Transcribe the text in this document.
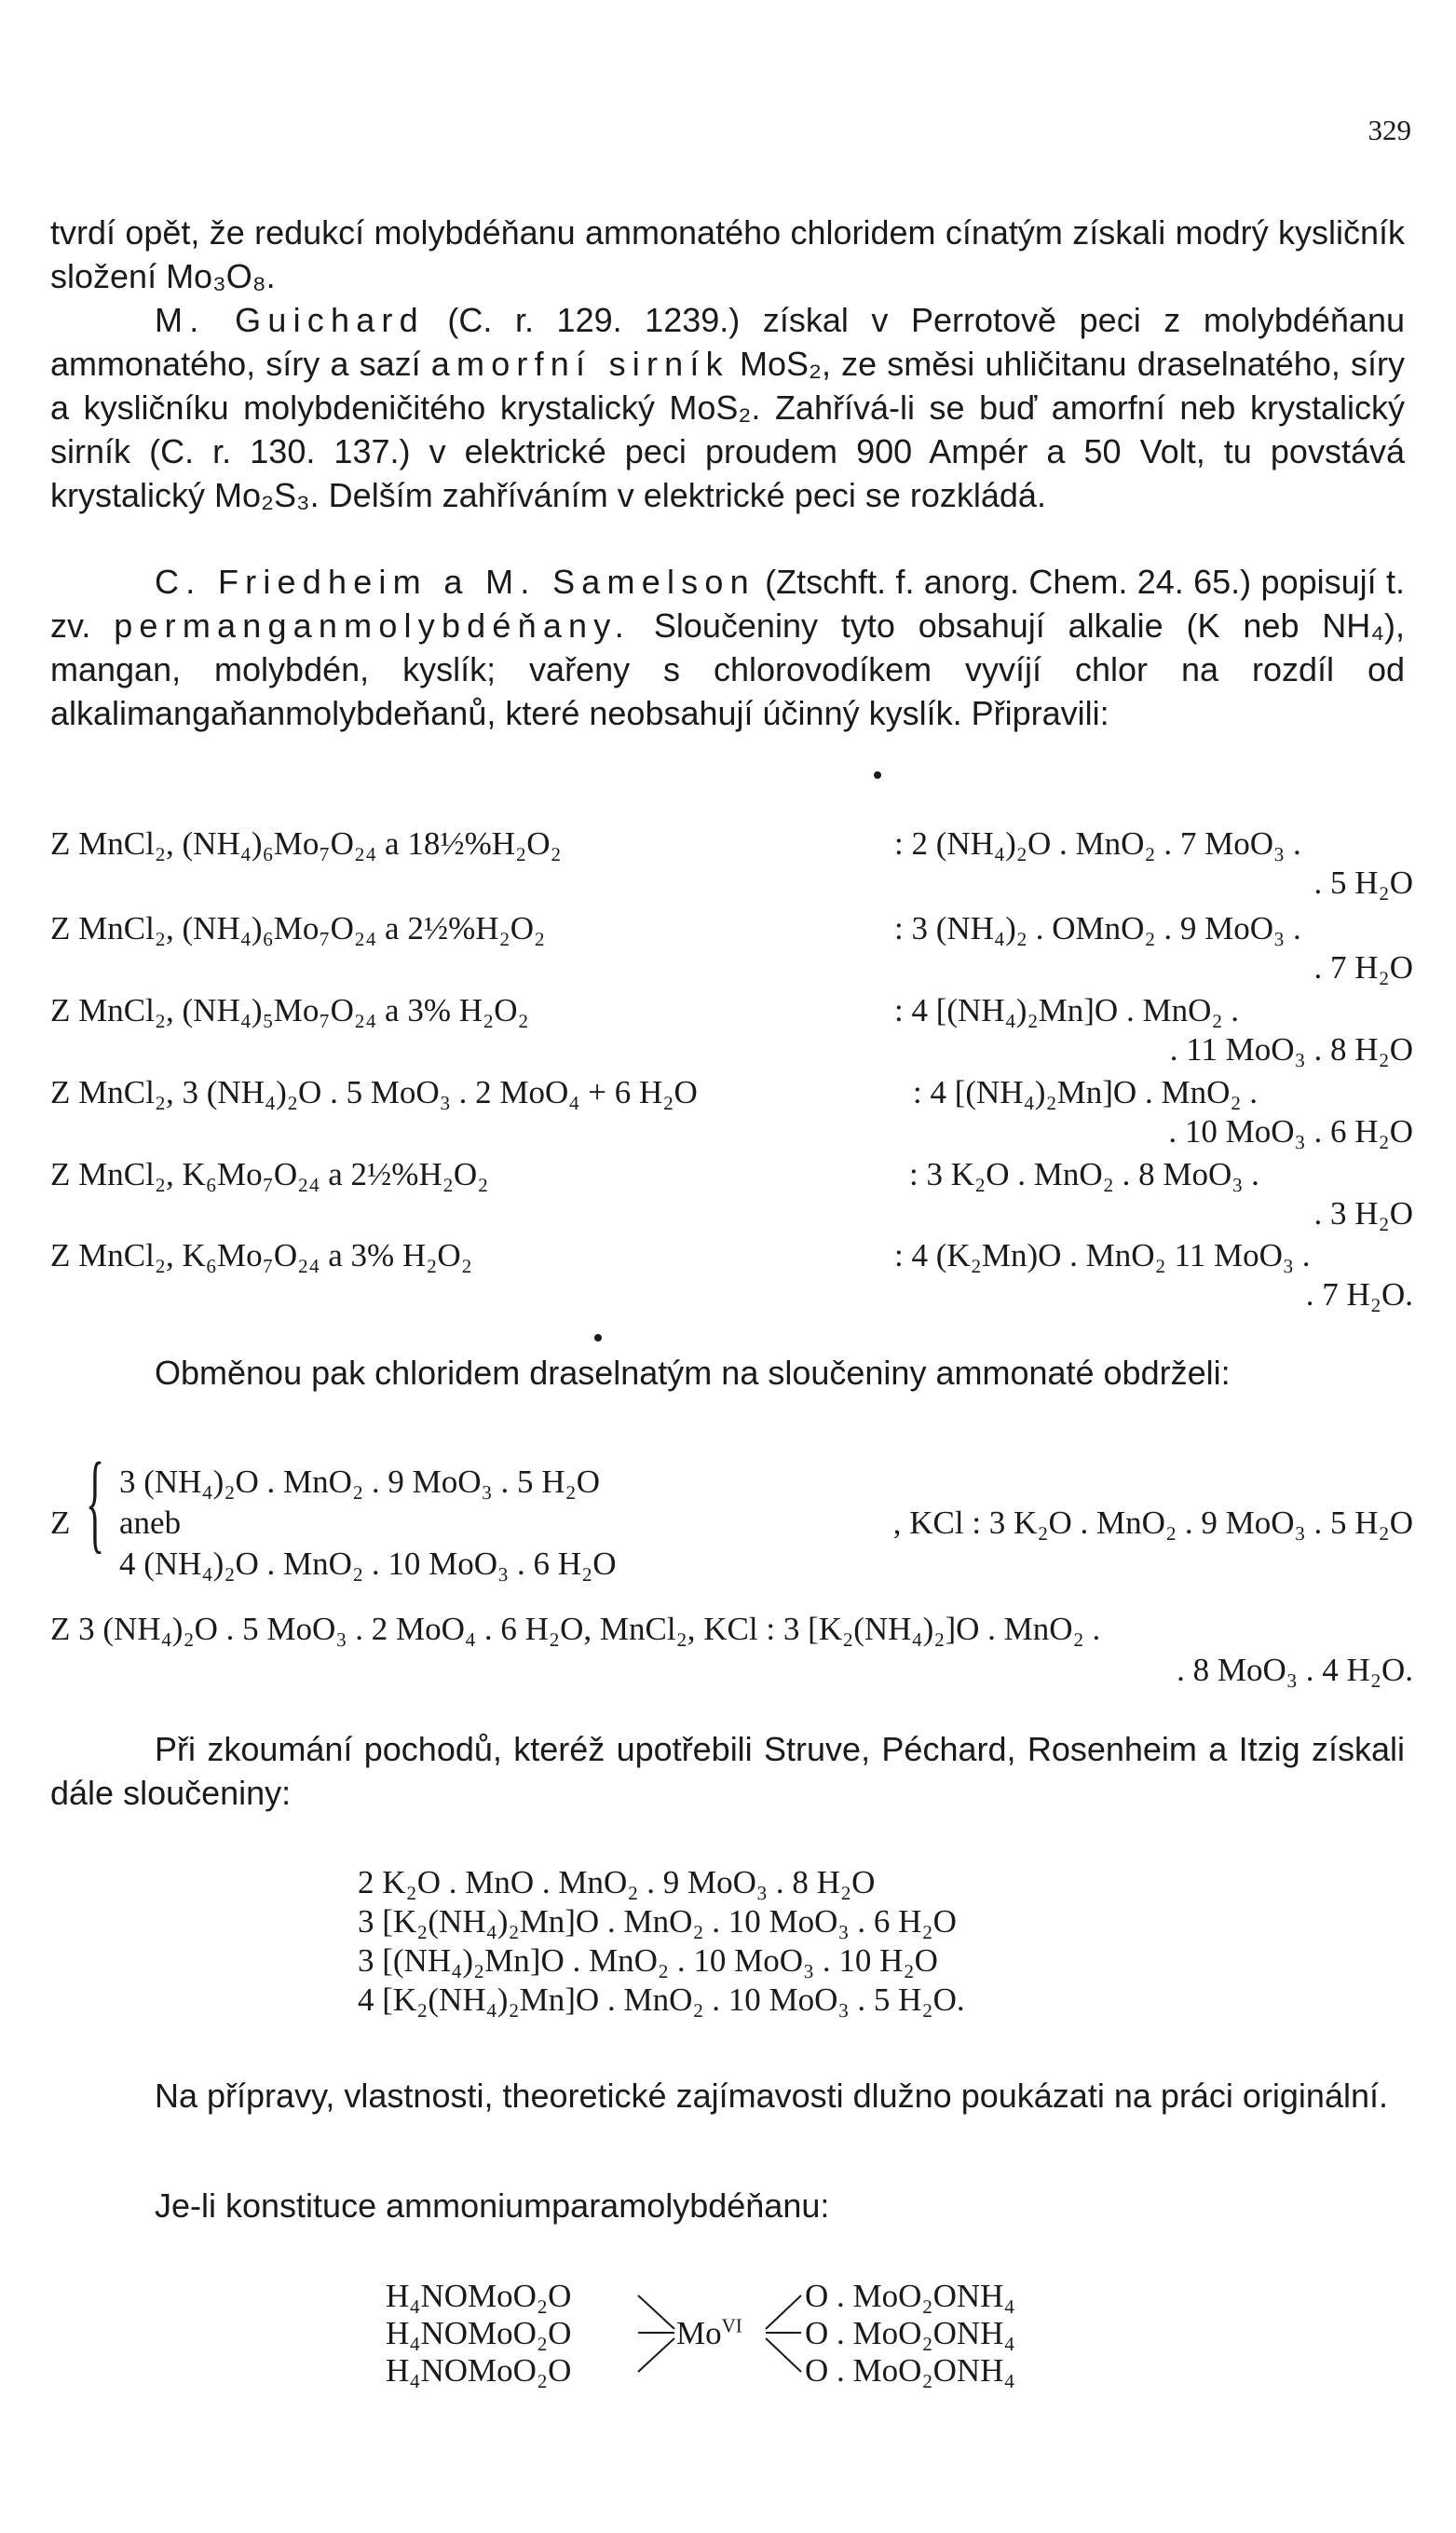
329

tvrdí opět, že redukcí molybdéňanu ammonatého chloridem cínatým získali modrý kysličník složení Mo₃O₈.

M. Guichard (C. r. 129. 1239.) získal v Perrotově peci z molybdéňanu ammonatého, síry a sazí amorfní sirník MoS₂, ze směsi uhličitanu draselnatého, síry a kysličníku molybdeničitého krystalický MoS₂. Zahřívá-li se buď amorfní neb krystalický sirník (C. r. 130. 137.) v elektrické peci proudem 900 Ampér a 50 Volt, tu povstává krystalický Mo₂S₃. Delším zahříváním v elektrické peci se rozkládá.

C. Friedheim a M. Samelson (Ztschft. f. anorg. Chem. 24. 65.) popisují t. zv. permanganmolybdéňany. Sloučeniny tyto obsahují alkalie (K neb NH₄), mangan, molybdén, kyslík; vařeny s chlorovodíkem vyvíjí chlor na rozdíl od alkalimangaňanmolybdeňanů, které neobsahují účinný kyslík. Připravili:

Z MnCl₂, (NH₄)₆Mo₇O₂₄ a 18½%H₂O₂	: 2 (NH₄)₂O . MnO₂ . 7 MoO₃ .
. 5 H₂O
Z MnCl₂, (NH₄)₆Mo₇O₂₄ a 2½%H₂O₂	: 3 (NH₄)₂ . OMnO₂ . 9 MoO₃ .
. 7 H₂O
Z MnCl₂, (NH₄)₅Mo₇O₂₄ a 3% H₂O₂	: 4 [(NH₄)₂Mn]O . MnO₂ .
. 11 MoO₃ . 8 H₂O
Z MnCl₂, 3 (NH₄)₂O . 5 MoO₃ . 2 MoO₄ + 6 H₂O	: 4 [(NH₄)₂Mn]O . MnO₂ .
. 10 MoO₃ . 6 H₂O
Z MnCl₂, K₆Mo₇O₂₄ a 2½%H₂O₂	: 3 K₂O . MnO₂ . 8 MoO₃ .
. 3 H₂O
Z MnCl₂, K₆Mo₇O₂₄ a 3% H₂O₂	: 4 (K₂Mn)O . MnO₂ 11 MoO₃ .
. 7 H₂O.

Obměnou pak chloridem draselnatým na sloučeniny ammonaté obdrželi:

Z { 3 (NH₄)₂O . MnO₂ . 9 MoO₃ . 5 H₂O
aneb
4 (NH₄)₂O . MnO₂ . 10 MoO₃ . 6 H₂O
, KCl : 3 K₂O . MnO₂ . 9 MoO₃ . 5 H₂O
Z 3 (NH₄)₂O . 5 MoO₃ . 2 MoO₄ . 6 H₂O, MnCl₂, KCl : 3 [K₂(NH₄)₂]O . MnO₂ .
. 8 MoO₃ . 4 H₂O.

Při zkoumání pochodů, kteréž upotřebili Struve, Péchard, Rosenheim a Itzig získali dále sloučeniny:

2 K₂O . MnO . MnO₂ . 9 MoO₃ . 8 H₂O
3 [K₂(NH₄)₂Mn]O . MnO₂ . 10 MoO₃ . 6 H₂O
3 [(NH₄)₂Mn]O . MnO₂ . 10 MoO₃ . 10 H₂O
4 [K₂(NH₄)₂Mn]O . MnO₂ . 10 MoO₃ . 5 H₂O.

Na přípravy, vlastnosti, theoretické zajímavosti dlužno poukázati na práci originální.

Je-li konstituce ammoniumparamolybdéňanu:

H₄NOMoO₂O
H₄NOMoO₂O
H₄NOMoO₂O
$Mo^{VI}$
O . MoO₂ONH₄
O . MoO₂ONH₄
O . MoO₂ONH₄
